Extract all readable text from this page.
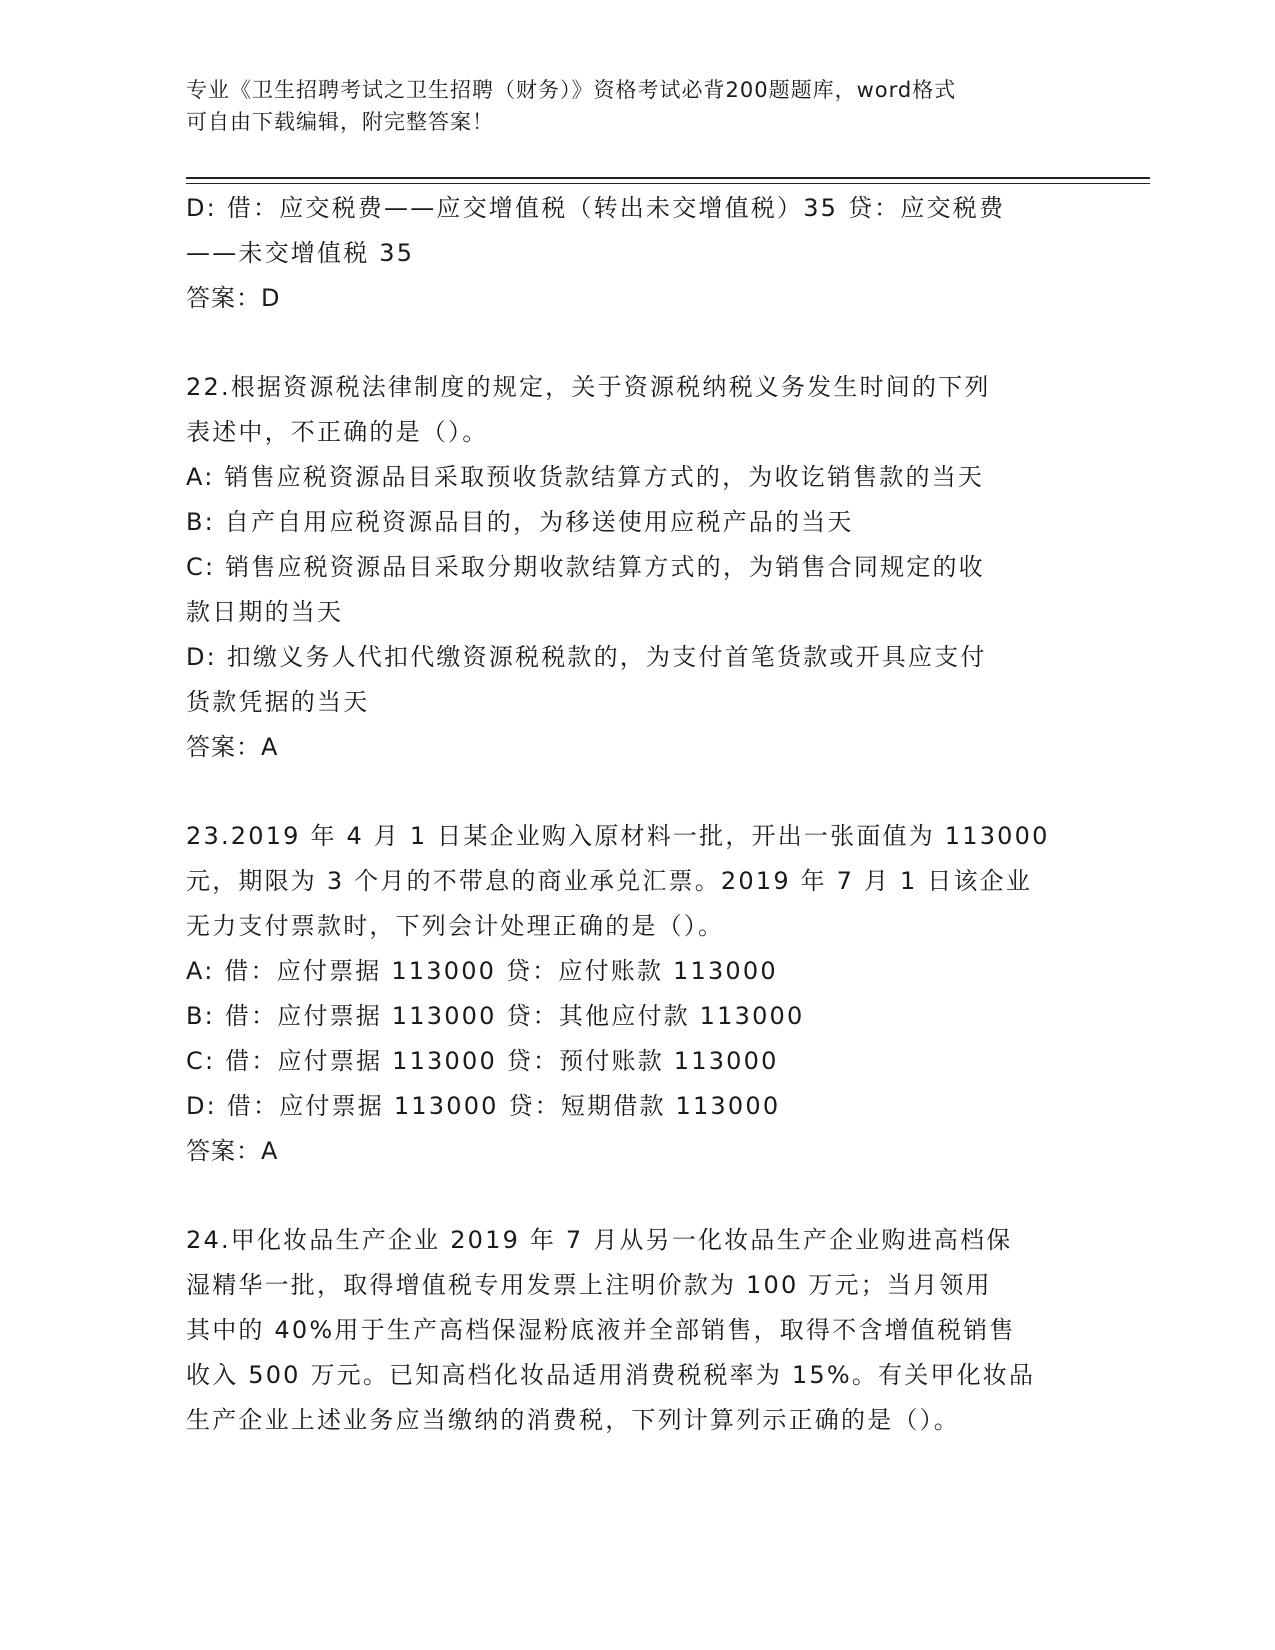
专业《卫生招聘考试之卫生招聘（财务）》资格考试必背200题题库，word格式
可自由下载编辑，附完整答案！
D: 借：应交税费——应交增值税（转出未交增值税）35 贷：应交税费
——未交增值税 35
答案：D
22.根据资源税法律制度的规定，关于资源税纳税义务发生时间的下列
表述中，不正确的是（）。
A: 销售应税资源品目采取预收货款结算方式的，为收讫销售款的当天
B: 自产自用应税资源品目的，为移送使用应税产品的当天
C: 销售应税资源品目采取分期收款结算方式的，为销售合同规定的收
款日期的当天
D: 扣缴义务人代扣代缴资源税税款的，为支付首笔货款或开具应支付
货款凭据的当天
答案：A
23.2019 年 4 月 1 日某企业购入原材料一批，开出一张面值为 113000
元，期限为 3 个月的不带息的商业承兑汇票。2019 年 7 月 1 日该企业
无力支付票款时，下列会计处理正确的是（）。
A: 借：应付票据 113000 贷：应付账款 113000
B: 借：应付票据 113000 贷：其他应付款 113000
C: 借：应付票据 113000 贷：预付账款 113000
D: 借：应付票据 113000 贷：短期借款 113000
答案：A
24.甲化妆品生产企业 2019 年 7 月从另一化妆品生产企业购进高档保
湿精华一批，取得增值税专用发票上注明价款为 100 万元；当月领用
其中的 40%用于生产高档保湿粉底液并全部销售，取得不含增值税销售
收入 500 万元。已知高档化妆品适用消费税税率为 15%。有关甲化妆品
生产企业上述业务应当缴纳的消费税，下列计算列示正确的是（）。
